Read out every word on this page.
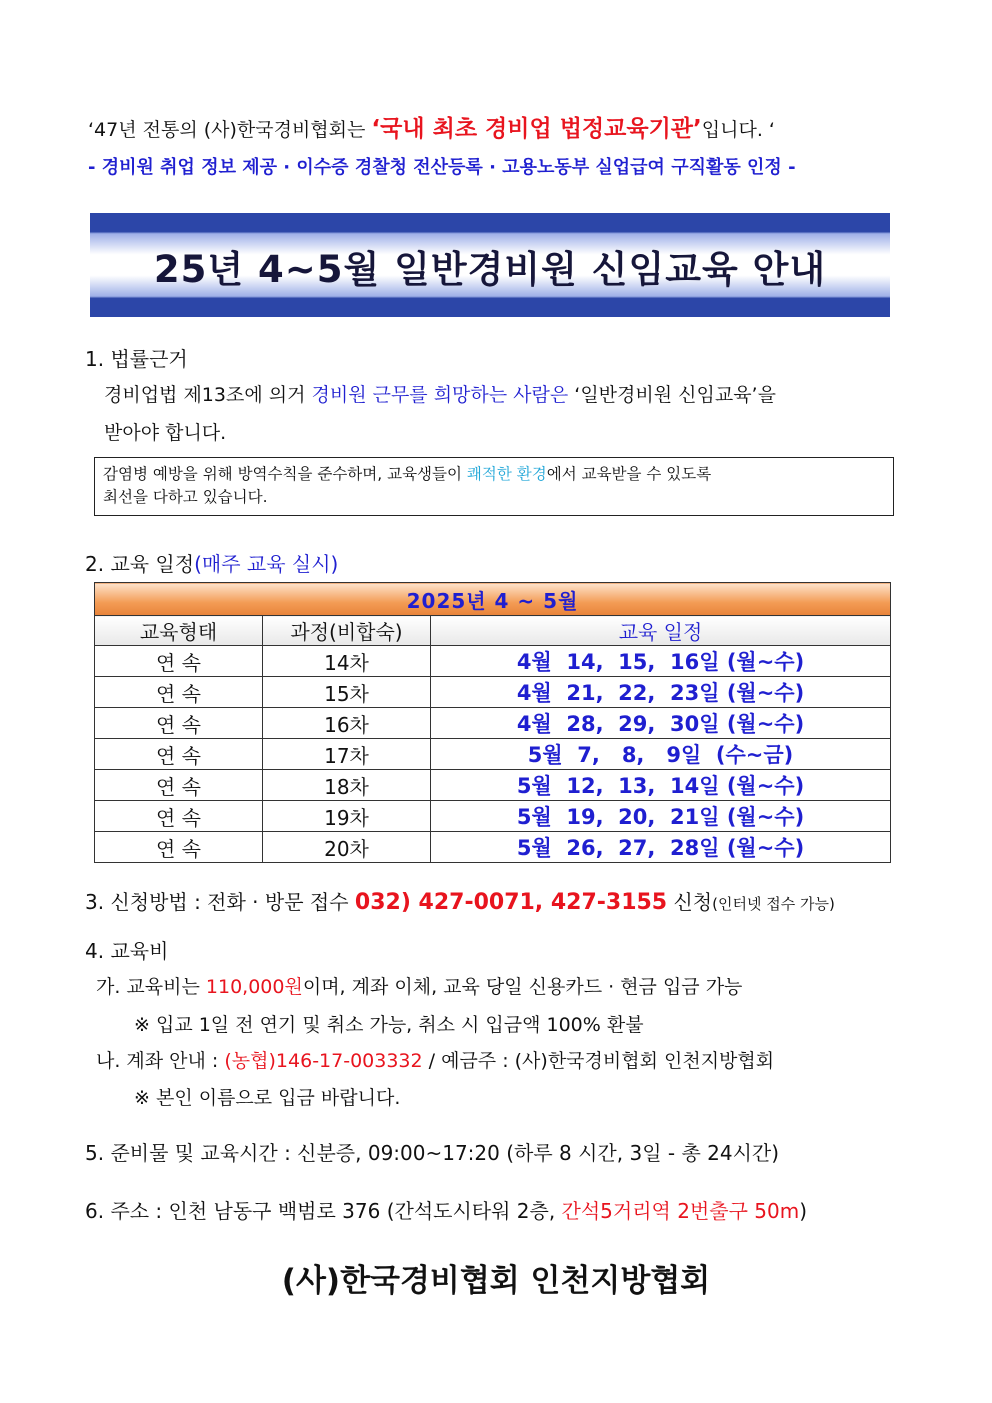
‘47년 전통의 (사)한국경비협회는 ‘국내 최초 경비업 법정교육기관’입니다. ‘
- 경비원 취업 정보 제공 · 이수증 경찰청 전산등록 · 고용노동부 실업급여 구직활동 인정 -
25년 4~5월 일반경비원 신임교육 안내
1. 법률근거
경비업법 제13조에 의거 경비원 근무를 희망하는 사람은 ‘일반경비원 신임교육’을
받아야 합니다.
감염병 예방을 위해 방역수칙을 준수하며, 교육생들이 쾌적한 환경에서 교육받을 수 있도록
최선을 다하고 있습니다.
2. 교육 일정(매주 교육 실시)
2025년 4 ~ 5월		
교육형태	과정(비합숙)	교육 일정
연 속	14차	4월  14,  15,  16일 (월~수)
연 속	15차	4월  21,  22,  23일 (월~수)
연 속	16차	4월  28,  29,  30일 (월~수)
연 속	17차	5월  7,   8,   9일  (수~금)
연 속	18차	5월  12,  13,  14일 (월~수)
연 속	19차	5월  19,  20,  21일 (월~수)
연 속	20차	5월  26,  27,  28일 (월~수)
3. 신청방법 : 전화 · 방문 접수 032) 427-0071, 427-3155 신청(인터넷 접수 가능)
4. 교육비
가. 교육비는 110,000원이며, 계좌 이체, 교육 당일 신용카드 · 현금 입금 가능
※ 입교 1일 전 연기 및 취소 가능, 취소 시 입금액 100% 환불
나. 계좌 안내 : (농협)146-17-003332 / 예금주 : (사)한국경비협회 인천지방협회
※ 본인 이름으로 입금 바랍니다.
5. 준비물 및 교육시간 : 신분증, 09:00~17:20 (하루 8 시간, 3일 - 총 24시간)
6. 주소 : 인천 남동구 백범로 376 (간석도시타워 2층, 간석5거리역 2번출구 50m)
(사)한국경비협회 인천지방협회
